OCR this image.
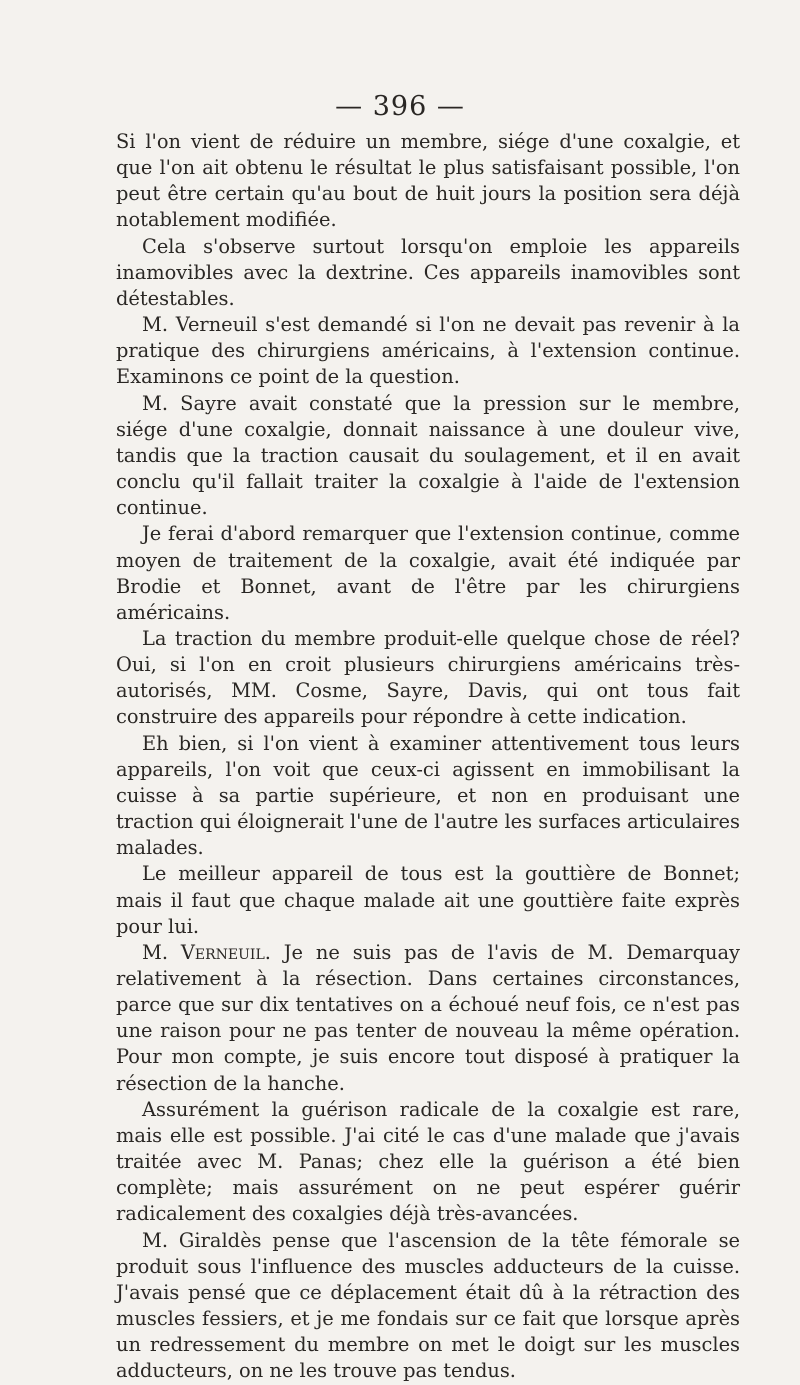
— 396 —

Si l'on vient de réduire un membre, siége d'une coxalgie, et que l'on ait obtenu le résultat le plus satisfaisant possible, l'on peut être certain qu'au bout de huit jours la position sera déjà notablement modifiée.

Cela s'observe surtout lorsqu'on emploie les appareils inamovibles avec la dextrine. Ces appareils inamovibles sont détestables.

M. Verneuil s'est demandé si l'on ne devait pas revenir à la pratique des chirurgiens américains, à l'extension continue. Examinons ce point de la question.

M. Sayre avait constaté que la pression sur le membre, siége d'une coxalgie, donnait naissance à une douleur vive, tandis que la traction causait du soulagement, et il en avait conclu qu'il fallait traiter la coxalgie à l'aide de l'extension continue.

Je ferai d'abord remarquer que l'extension continue, comme moyen de traitement de la coxalgie, avait été indiquée par Brodie et Bonnet, avant de l'être par les chirurgiens américains.

La traction du membre produit-elle quelque chose de réel? Oui, si l'on en croit plusieurs chirurgiens américains très-autorisés, MM. Cosme, Sayre, Davis, qui ont tous fait construire des appareils pour répondre à cette indication.

Eh bien, si l'on vient à examiner attentivement tous leurs appareils, l'on voit que ceux-ci agissent en immobilisant la cuisse à sa partie supérieure, et non en produisant une traction qui éloignerait l'une de l'autre les surfaces articulaires malades.

Le meilleur appareil de tous est la gouttière de Bonnet; mais il faut que chaque malade ait une gouttière faite exprès pour lui.

M. Verneuil. Je ne suis pas de l'avis de M. Demarquay relativement à la résection. Dans certaines circonstances, parce que sur dix tentatives on a échoué neuf fois, ce n'est pas une raison pour ne pas tenter de nouveau la même opération. Pour mon compte, je suis encore tout disposé à pratiquer la résection de la hanche.

Assurément la guérison radicale de la coxalgie est rare, mais elle est possible. J'ai cité le cas d'une malade que j'avais traitée avec M. Panas; chez elle la guérison a été bien complète; mais assurément on ne peut espérer guérir radicalement des coxalgies déjà très-avancées.

M. Giraldès pense que l'ascension de la tête fémorale se produit sous l'influence des muscles adducteurs de la cuisse. J'avais pensé que ce déplacement était dû à la rétraction des muscles fessiers, et je me fondais sur ce fait que lorsque après un redressement du membre on met le doigt sur les muscles adducteurs, on ne les trouve pas tendus.
